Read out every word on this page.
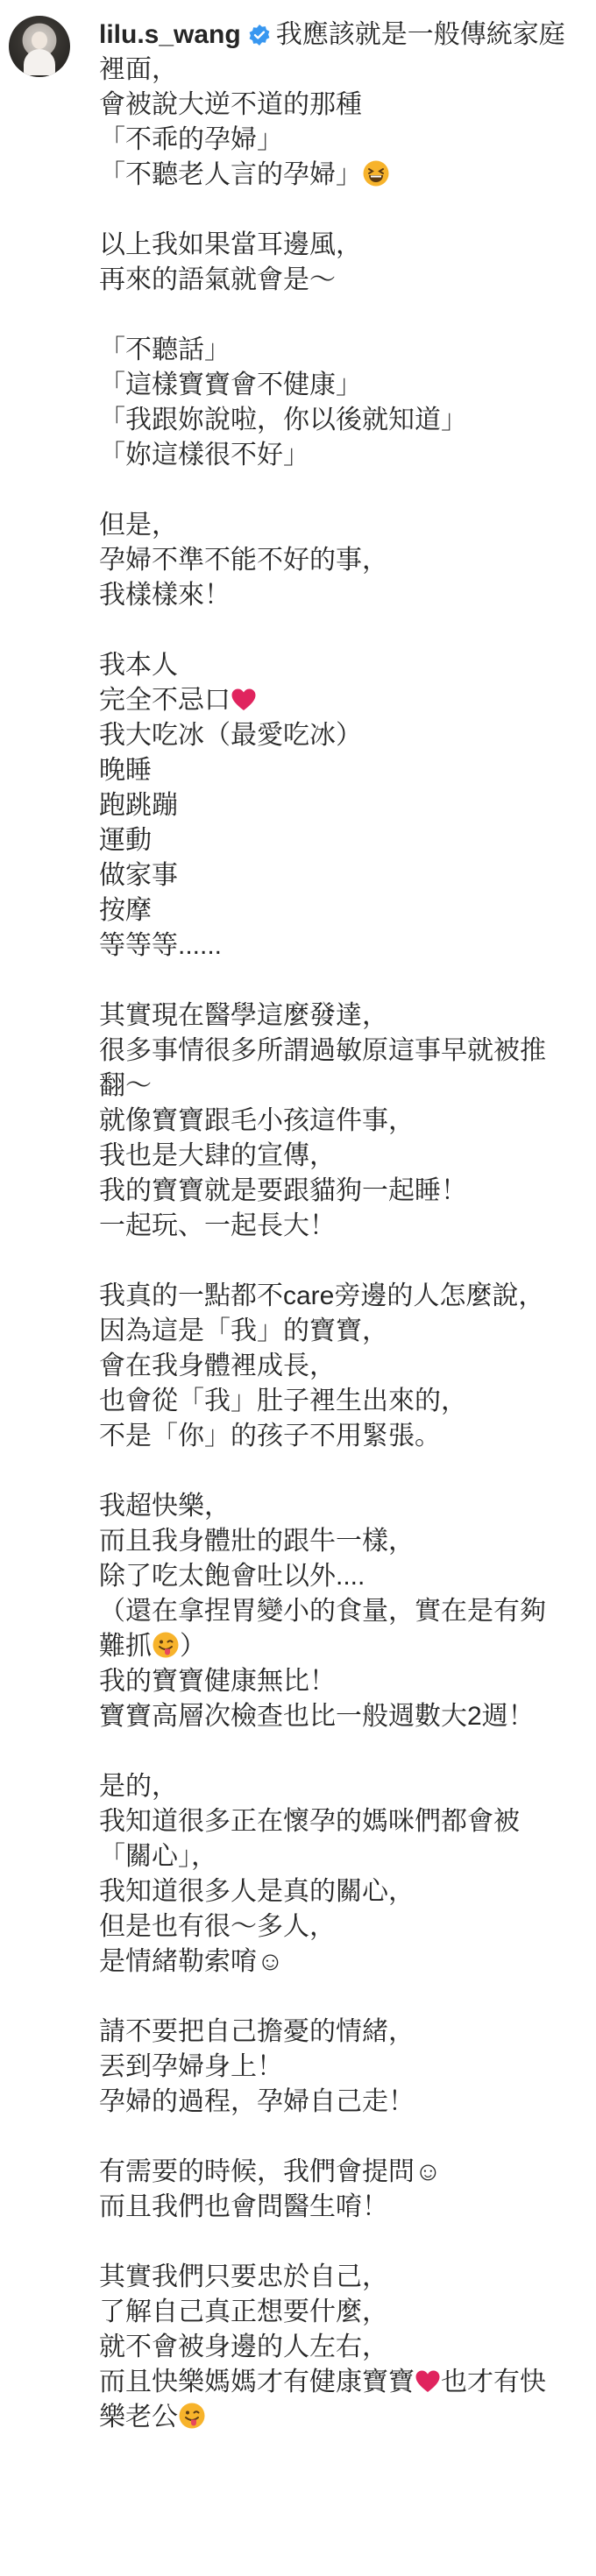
lilu.s_wang 我應該就是一般傳統家庭
裡面，
會被說大逆不道的那種
「不乖的孕婦」
「不聽老人言的孕婦」
以上我如果當耳邊風，
再來的語氣就會是～
「不聽話」
「這樣寶寶會不健康」
「我跟妳說啦，你以後就知道」
「妳這樣很不好」
但是，
孕婦不準不能不好的事，
我樣樣來！
我本人
完全不忌口
我大吃冰（最愛吃冰）
晚睡
跑跳蹦
運動
做家事
按摩
等等等......
其實現在醫學這麼發達，
很多事情很多所謂過敏原這事早就被推
翻～
就像寶寶跟毛小孩這件事，
我也是大肆的宣傳，
我的寶寶就是要跟貓狗一起睡！
一起玩、一起長大！
我真的一點都不care旁邊的人怎麼說，
因為這是「我」的寶寶，
會在我身體裡成長，
也會從「我」肚子裡生出來的，
不是「你」的孩子不用緊張。
我超快樂，
而且我身體壯的跟牛一樣，
除了吃太飽會吐以外....
（還在拿捏胃變小的食量，實在是有夠
難抓 ）
我的寶寶健康無比！
寶寶高層次檢查也比一般週數大2週！
是的，
我知道很多正在懷孕的媽咪們都會被
「關心」，
我知道很多人是真的關心，
但是也有很～多人，
是情緒勒索唷☺
請不要把自己擔憂的情緒，
丟到孕婦身上！
孕婦的過程，孕婦自己走！
有需要的時候，我們會提問☺
而且我們也會問醫生唷！
其實我們只要忠於自己，
了解自己真正想要什麼，
就不會被身邊的人左右，
而且快樂媽媽才有健康寶寶 也才有快
樂老公
